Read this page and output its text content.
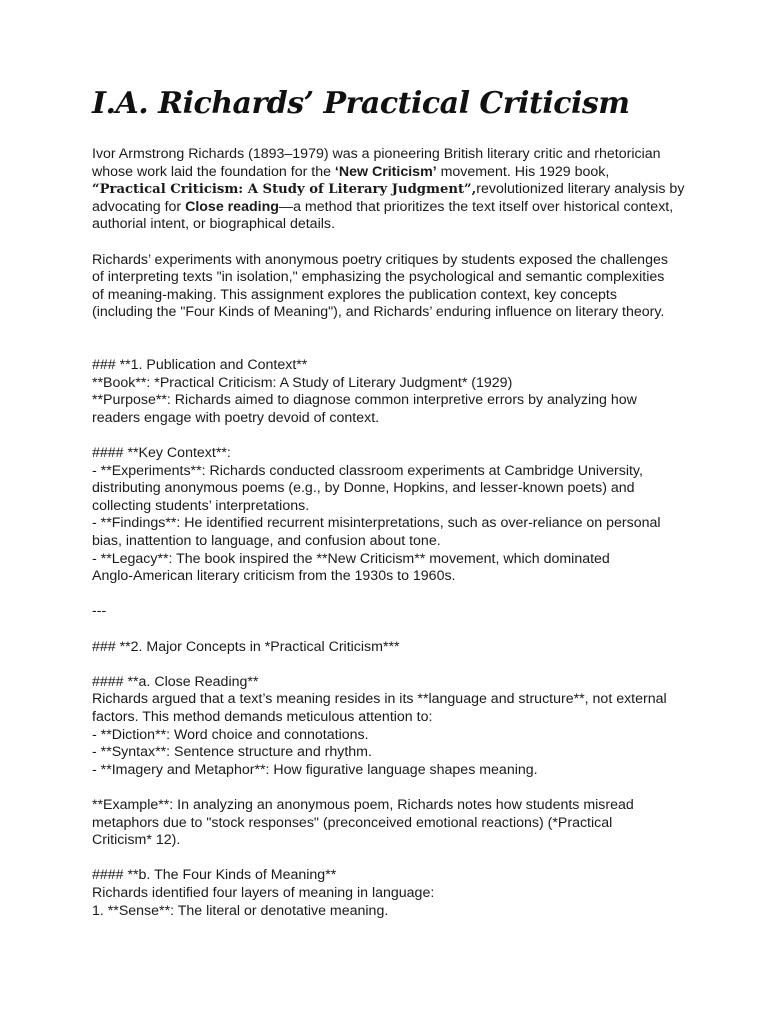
I.A. Richards’ Practical Criticism
Ivor Armstrong Richards (1893–1979) was a pioneering British literary critic and rhetorician
whose work laid the foundation for the ‘New Criticism’ movement. His 1929 book,
“Practical Criticism: A Study of Literary Judgment”,revolutionized literary analysis by
advocating for Close reading—a method that prioritizes the text itself over historical context,
authorial intent, or biographical details.
Richards’ experiments with anonymous poetry critiques by students exposed the challenges
of interpreting texts "in isolation," emphasizing the psychological and semantic complexities
of meaning-making. This assignment explores the publication context, key concepts
(including the "Four Kinds of Meaning"), and Richards’ enduring influence on literary theory.
### **1. Publication and Context**
**Book**: *Practical Criticism: A Study of Literary Judgment* (1929)
**Purpose**: Richards aimed to diagnose common interpretive errors by analyzing how
readers engage with poetry devoid of context.
#### **Key Context**:
- **Experiments**: Richards conducted classroom experiments at Cambridge University,
distributing anonymous poems (e.g., by Donne, Hopkins, and lesser-known poets) and
collecting students’ interpretations.
- **Findings**: He identified recurrent misinterpretations, such as over-reliance on personal
bias, inattention to language, and confusion about tone.
- **Legacy**: The book inspired the **New Criticism** movement, which dominated
Anglo-American literary criticism from the 1930s to 1960s.
---
### **2. Major Concepts in *Practical Criticism***
#### **a. Close Reading**
Richards argued that a text’s meaning resides in its **language and structure**, not external
factors. This method demands meticulous attention to:
- **Diction**: Word choice and connotations.
- **Syntax**: Sentence structure and rhythm.
- **Imagery and Metaphor**: How figurative language shapes meaning.
**Example**: In analyzing an anonymous poem, Richards notes how students misread
metaphors due to "stock responses" (preconceived emotional reactions) (*Practical
Criticism* 12).
#### **b. The Four Kinds of Meaning**
Richards identified four layers of meaning in language:
1. **Sense**: The literal or denotative meaning.
